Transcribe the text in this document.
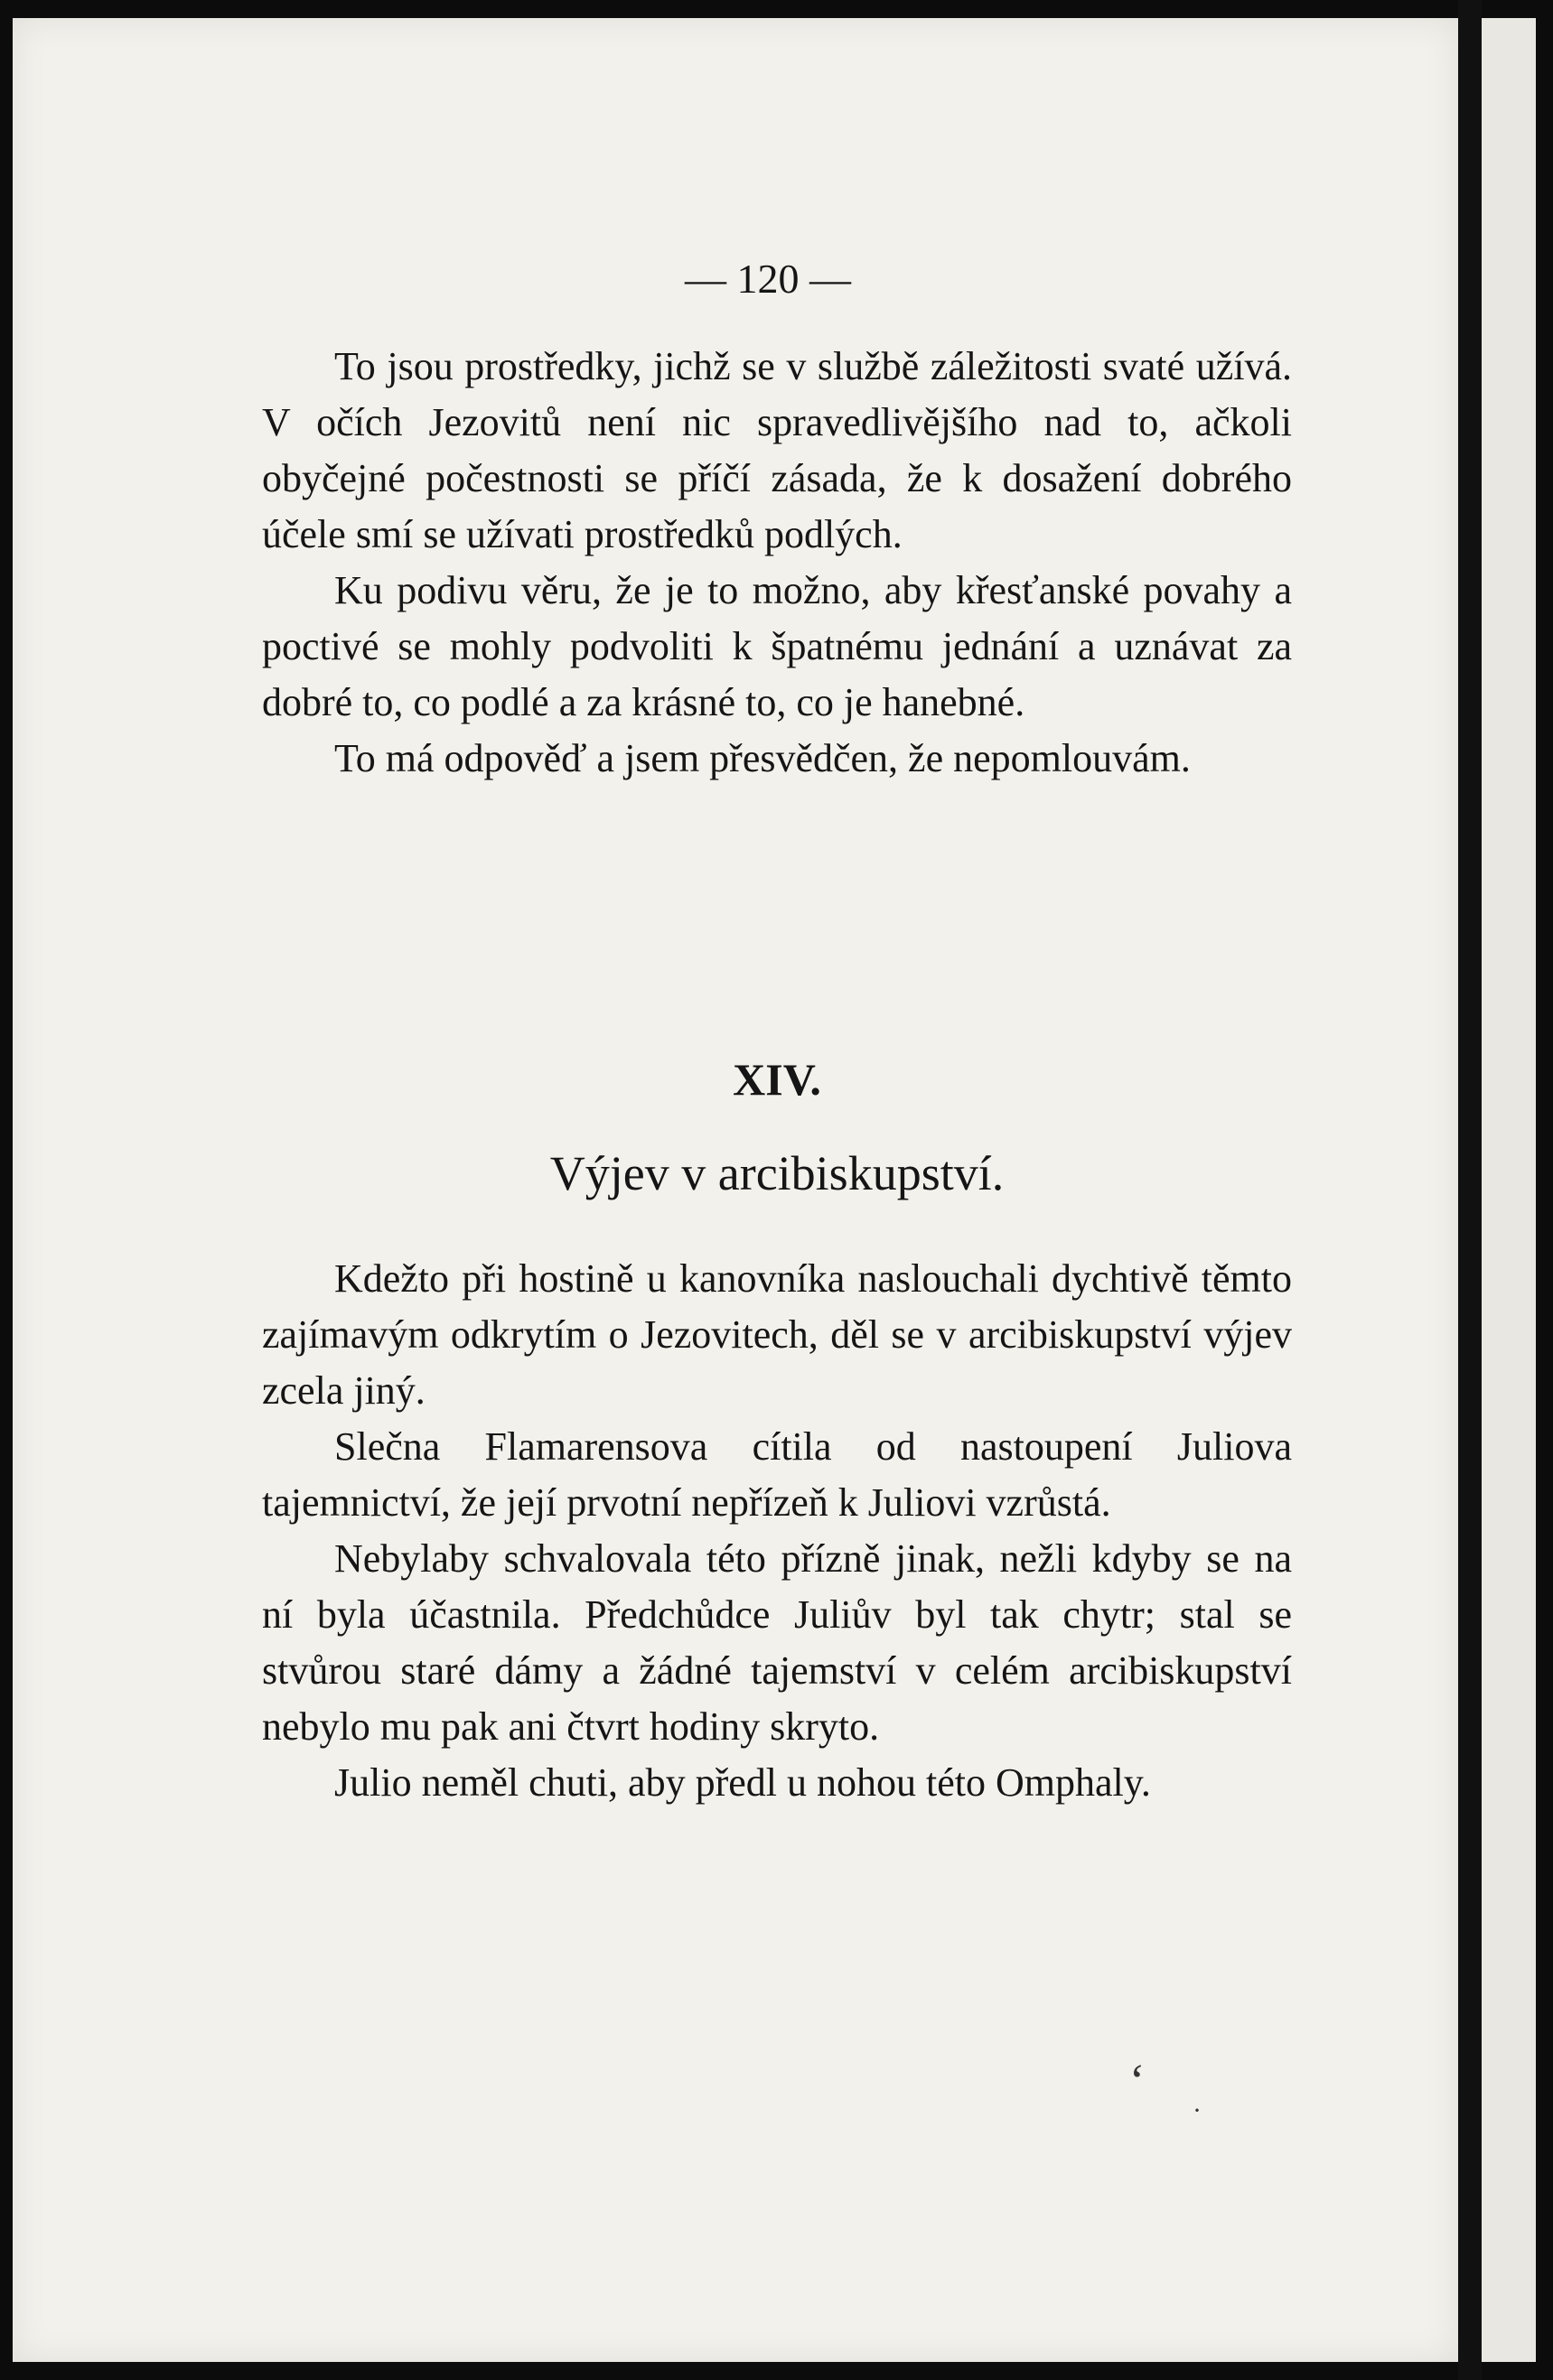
— 120 —

To jsou prostředky, jichž se v službě záležitosti svaté užívá. V očích Jezovitů není nic spravedlivějšího nad to, ačkoli obyčejné počestnosti se příčí zásada, že k dosažení dobrého účele smí se užívati prostředků podlých.

Ku podivu věru, že je to možno, aby křesťanské povahy a poctivé se mohly podvoliti k špatnému jednání a uznávat za dobré to, co podlé a za krásné to, co je hanebné.

To má odpověď a jsem přesvědčen, že nepomlouvám.

XIV.
Výjev v arcibiskupství.

Kdežto při hostině u kanovníka naslouchali dychtivě těmto zajímavým odkrytím o Jezovitech, děl se v arcibiskupství výjev zcela jiný.

Slečna Flamarensova cítila od nastoupení Juliova tajemnictví, že její prvotní nepřízeň k Juliovi vzrůstá.

Nebylaby schvalovala této přízně jinak, nežli kdyby se na ní byla účastnila. Předchůdce Juliův byl tak chytr; stal se stvůrou staré dámy a žádné tajemství v celém arcibiskupství nebylo mu pak ani čtvrt hodiny skryto.

Julio neměl chuti, aby předl u nohou této Omphaly.

ʻ
·
